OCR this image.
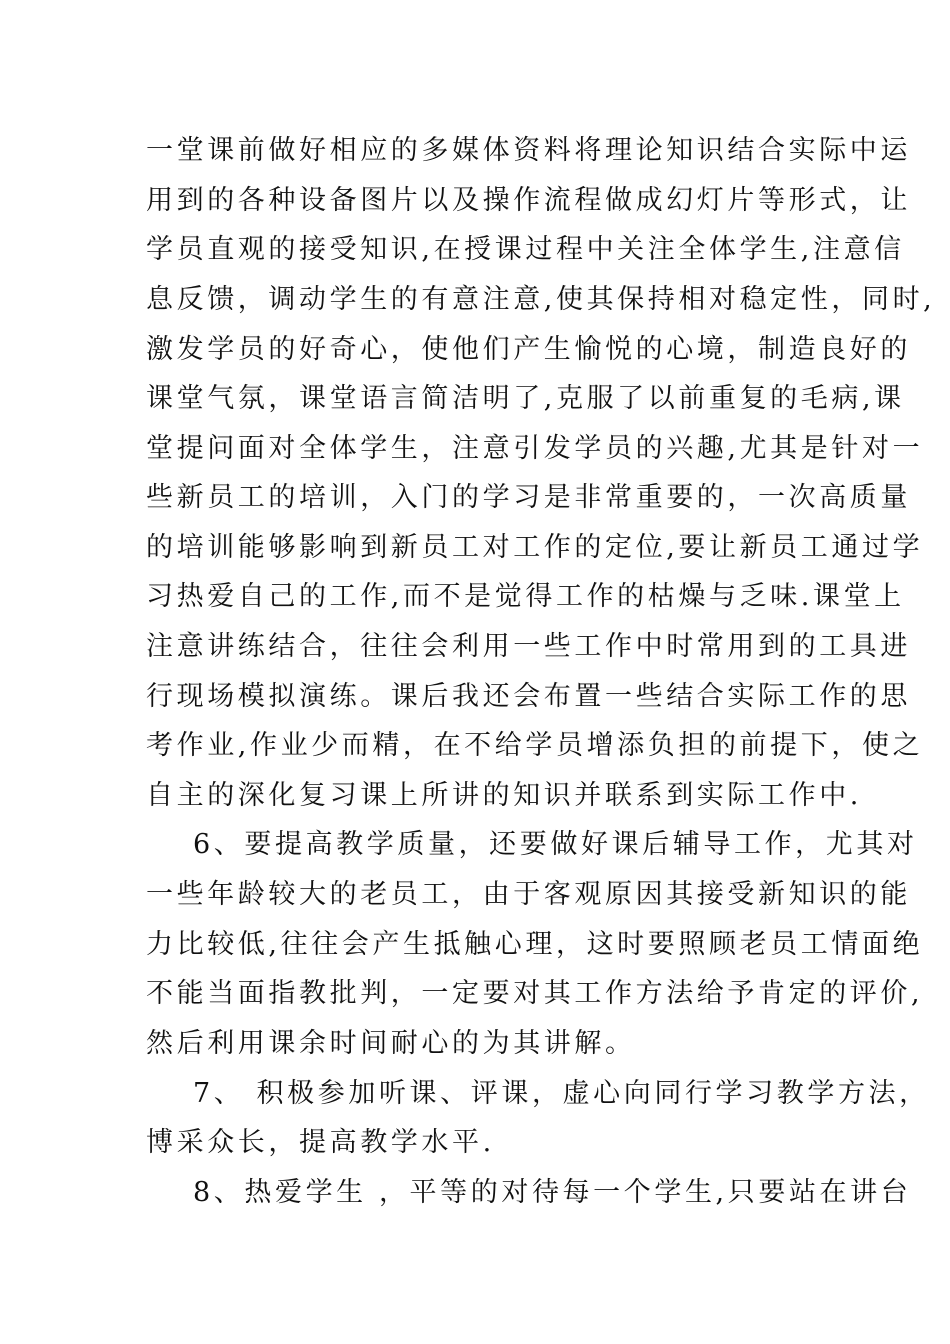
一堂课前做好相应的多媒体资料将理论知识结合实际中运
用到的各种设备图片以及操作流程做成幻灯片等形式，让
学员直观的接受知识,在授课过程中关注全体学生,注意信
息反馈，调动学生的有意注意,使其保持相对稳定性，同时,
激发学员的好奇心，使他们产生愉悦的心境，制造良好的
课堂气氛，课堂语言简洁明了,克服了以前重复的毛病,课
堂提问面对全体学生，注意引发学员的兴趣,尤其是针对一
些新员工的培训，入门的学习是非常重要的，一次高质量
的培训能够影响到新员工对工作的定位,要让新员工通过学
习热爱自己的工作,而不是觉得工作的枯燥与乏味.课堂上
注意讲练结合，往往会利用一些工作中时常用到的工具进
行现场模拟演练。课后我还会布置一些结合实际工作的思
考作业,作业少而精，在不给学员增添负担的前提下，使之
自主的深化复习课上所讲的知识并联系到实际工作中.
6、要提高教学质量，还要做好课后辅导工作，尤其对
一些年龄较大的老员工，由于客观原因其接受新知识的能
力比较低,往往会产生抵触心理，这时要照顾老员工情面绝
不能当面指教批判，一定要对其工作方法给予肯定的评价,
然后利用课余时间耐心的为其讲解。
7、 积极参加听课、评课，虚心向同行学习教学方法，
博采众长，提高教学水平.
8、热爱学生 ，平等的对待每一个学生,只要站在讲台
